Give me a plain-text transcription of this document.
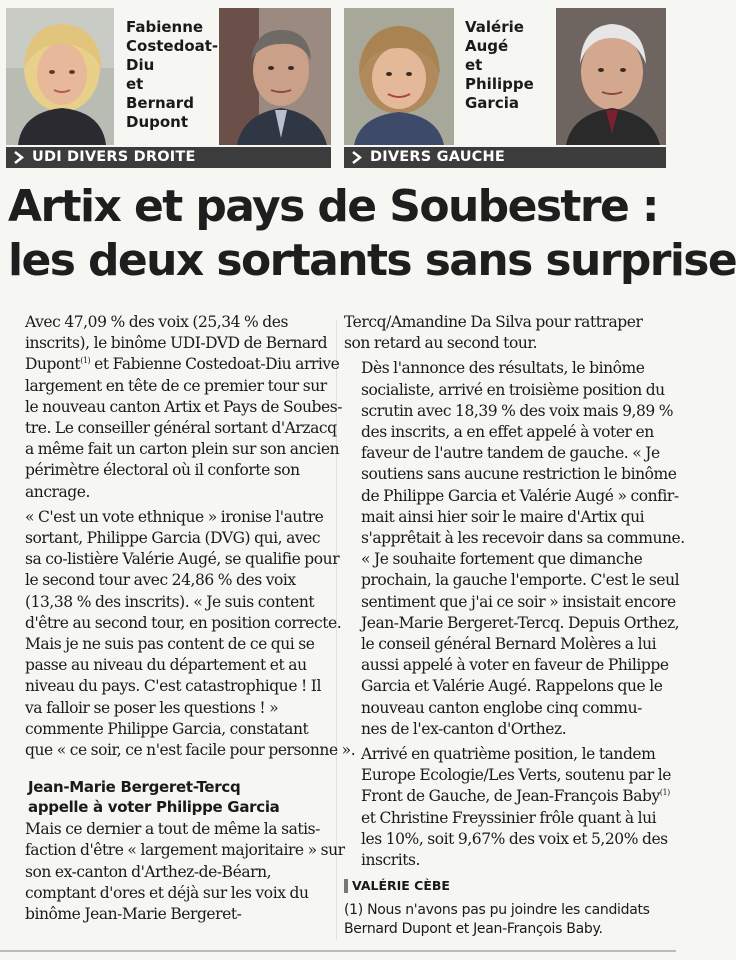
Fabienne
Costedoat-
Diu
et
Bernard
Dupont
UDI DIVERS DROITE
Valérie
Augé
et
Philippe
Garcia
DIVERS GAUCHE
Artix et pays de Soubestre :
les deux sortants sans surprise
Avec 47,09 % des voix (25,34 % des
inscrits), le binôme UDI-DVD de Bernard
Dupont$^{(1)}$ et Fabienne Costedoat-Diu arrive
largement en tête de ce premier tour sur
le nouveau canton Artix et Pays de Soubes-
tre. Le conseiller général sortant d'Arzacq
a même fait un carton plein sur son ancien
périmètre électoral où il conforte son
ancrage.
« C'est un vote ethnique » ironise l'autre
sortant, Philippe Garcia (DVG) qui, avec
sa co-listière Valérie Augé, se qualifie pour
le second tour avec 24,86 % des voix
(13,38 % des inscrits). « Je suis content
d'être au second tour, en position correcte.
Mais je ne suis pas content de ce qui se
passe au niveau du département et au
niveau du pays. C'est catastrophique ! Il
va falloir se poser les questions ! »
commente Philippe Garcia, constatant
que « ce soir, ce n'est facile pour personne ».
Jean-Marie Bergeret-Tercq
appelle à voter Philippe Garcia
Mais ce dernier a tout de même la satis-
faction d'être « largement majoritaire » sur
son ex-canton d'Arthez-de-Béarn,
comptant d'ores et déjà sur les voix du
binôme Jean-Marie Bergeret-
Tercq/Amandine Da Silva pour rattraper
son retard au second tour.
Dès l'annonce des résultats, le binôme
socialiste, arrivé en troisième position du
scrutin avec 18,39 % des voix mais 9,89 %
des inscrits, a en effet appelé à voter en
faveur de l'autre tandem de gauche. « Je
soutiens sans aucune restriction le binôme
de Philippe Garcia et Valérie Augé » confir-
mait ainsi hier soir le maire d'Artix qui
s'apprêtait à les recevoir dans sa commune.
« Je souhaite fortement que dimanche
prochain, la gauche l'emporte. C'est le seul
sentiment que j'ai ce soir » insistait encore
Jean-Marie Bergeret-Tercq. Depuis Orthez,
le conseil général Bernard Molères a lui
aussi appelé à voter en faveur de Philippe
Garcia et Valérie Augé. Rappelons que le
nouveau canton englobe cinq commu-
nes de l'ex-canton d'Orthez.
Arrivé en quatrième position, le tandem
Europe Ecologie/Les Verts, soutenu par le
Front de Gauche, de Jean-François Baby$^{(1)}$
et Christine Freyssinier frôle quant à lui
les 10%, soit 9,67% des voix et 5,20% des
inscrits.
VALÉRIE CÈBE
(1) Nous n'avons pas pu joindre les candidats
Bernard Dupont et Jean-François Baby.
